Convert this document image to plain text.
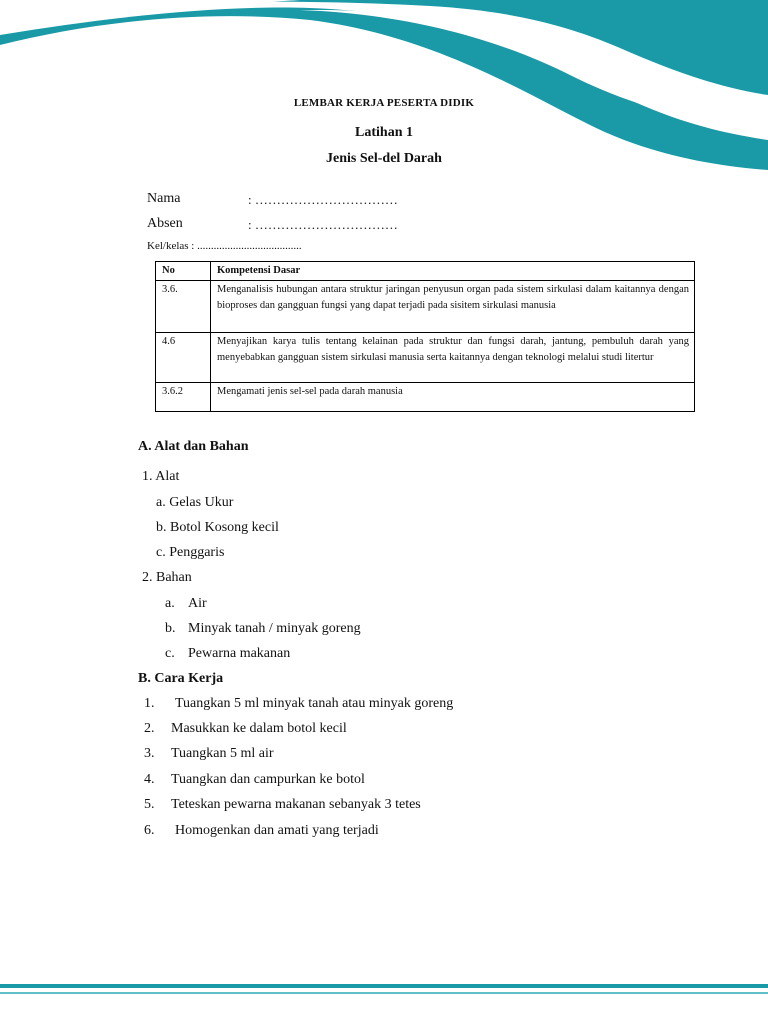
LEMBAR KERJA PESERTA DIDIK
Latihan 1
Jenis Sel-del Darah
Nama	: ……………………………
Absen	: ……………………………
Kel/kelas : ......................................
No	Kompetensi Dasar
3.6.	Menganalisis hubungan antara struktur jaringan penyusun organ pada sistem sirkulasi dalam kaitannya dengan bioproses dan gangguan fungsi yang dapat terjadi pada sisitem sirkulasi manusia
4.6	Menyajikan karya tulis tentang kelainan pada struktur dan fungsi darah, jantung, pembuluh darah yang menyebabkan gangguan sistem sirkulasi manusia serta kaitannya dengan teknologi melalui studi litertur
3.6.2	Mengamati jenis sel-sel pada darah manusia
A. Alat dan Bahan
1. Alat
a. Gelas Ukur
b. Botol Kosong kecil
c. Penggaris
2. Bahan
a. Air
b. Minyak tanah / minyak goreng
c. Pewarna makanan
B. Cara Kerja
1. Tuangkan 5 ml minyak tanah atau minyak goreng
2. Masukkan ke dalam botol kecil
3. Tuangkan 5 ml air
4. Tuangkan dan campurkan ke botol
5. Teteskan pewarna makanan sebanyak 3 tetes
6. Homogenkan dan amati yang terjadi
